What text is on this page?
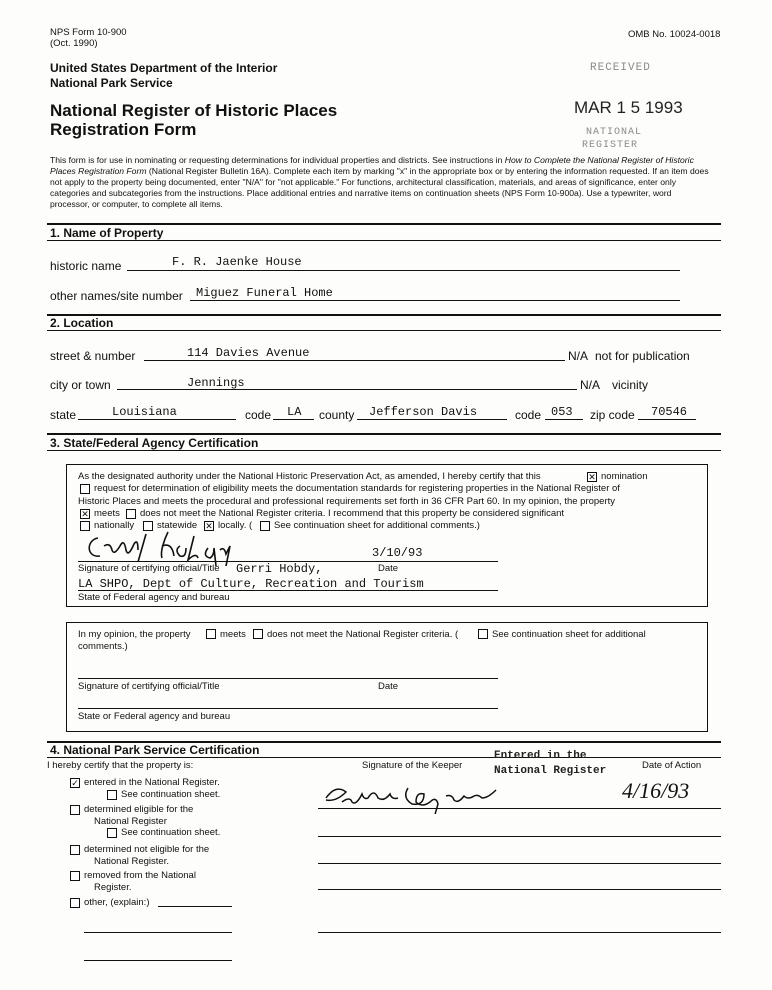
NPS Form 10-900
(Oct. 1990)
OMB No. 10024-0018
United States Department of the Interior
National Park Service
National Register of Historic Places
Registration Form
RECEIVED
MAR 1 5 1993
NATIONAL
REGISTER
This form is for use in nominating or requesting determinations for individual properties and districts. See instructions in How to Complete the National Register of Historic Places Registration Form (National Register Bulletin 16A). Complete each item by marking "x" in the appropriate box or by entering the information requested. If an item does not apply to the property being documented, enter "N/A" for "not applicable." For functions, architectural classification, materials, and areas of significance, enter only categories and subcategories from the instructions. Place additional entries and narrative items on continuation sheets (NPS Form 10-900a). Use a typewriter, word processor, or computer, to complete all items.
1. Name of Property
historic name	F. R. Jaenke House
other names/site number Miguez Funeral Home
2. Location
street & number	114 Davies Avenue	N/A not for publication
city or town	Jennings	N/A vicinity
state	Louisiana	code LA county Jefferson Davis	code 053 zip code 70546
3. State/Federal Agency Certification
As the designated authority under the National Historic Preservation Act, as amended, I hereby certify that this	✕ nomination
request for determination of eligibility meets the documentation standards for registering properties in the National Register of
Historic Places and meets the procedural and professional requirements set forth in 36 CFR Part 60. In my opinion, the property
✕ meets does not meet the National Register criteria. I recommend that this property be considered significant
nationally statewide ✕ locally. ( See continuation sheet for additional comments.)
3/10/93
Signature of certifying official/Title Gerri Hobdy,	Date
LA SHPO, Dept of Culture, Recreation and Tourism
State of Federal agency and bureau
In my opinion, the property	meets does not meet the National Register criteria. (	See continuation sheet for additional
comments.)
Signature of certifying official/Title	Date
State or Federal agency and bureau
4. National Park Service Certification
I hereby certify that the property is:	Signature of the Keeper	Date of Action
Entered in the
National Register
✓ entered in the National Register.
See continuation sheet.
determined eligible for the
National Register
See continuation sheet.
determined not eligible for the
National Register.
removed from the National
Register.
other, (explain:)
4/16/93
